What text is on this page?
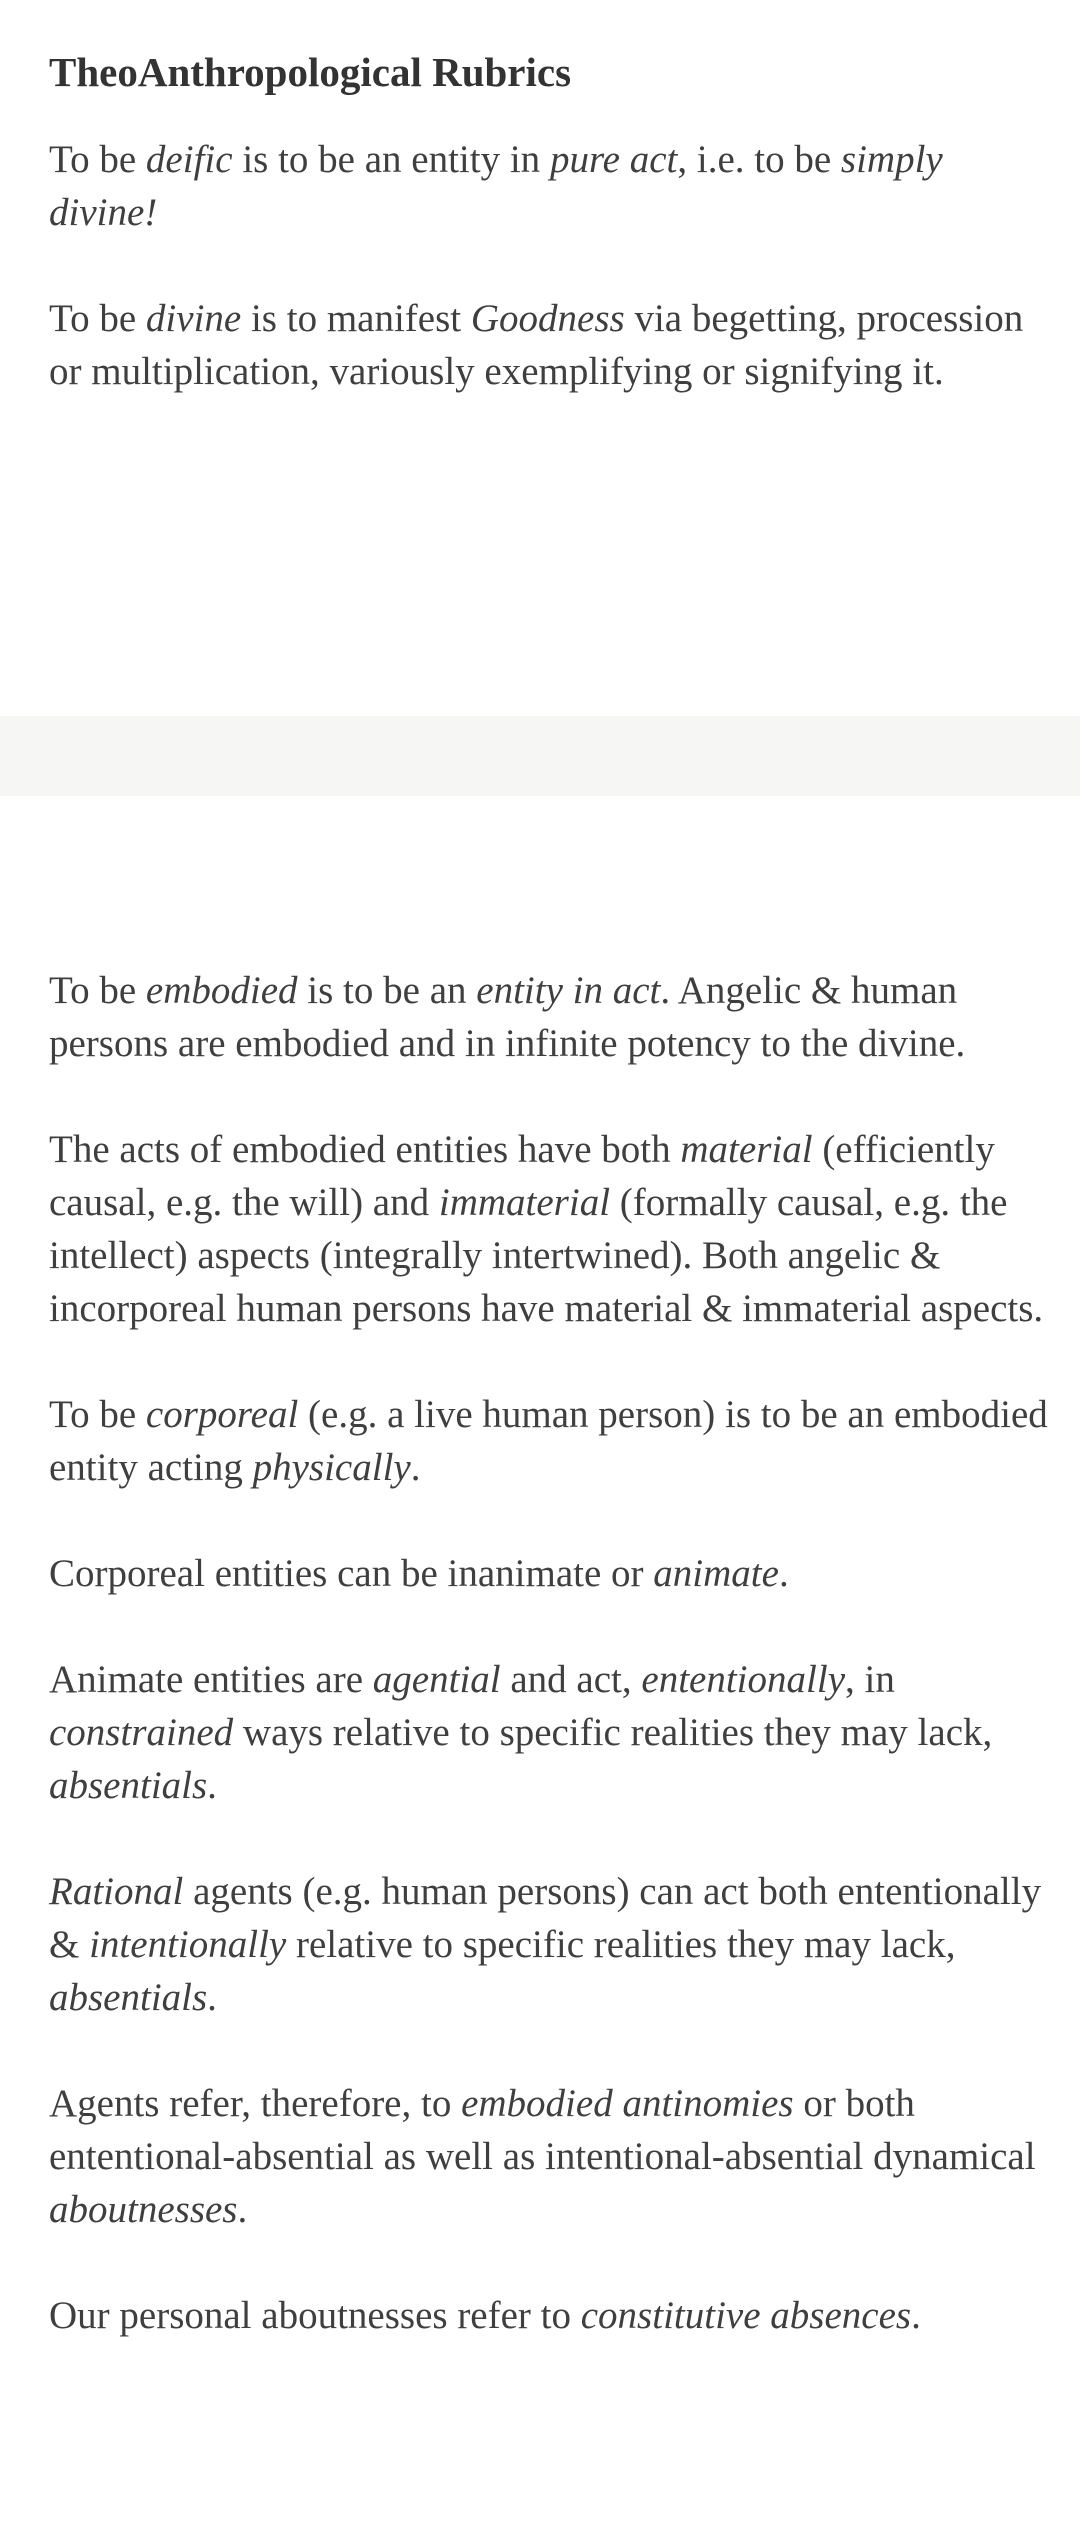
TheoAnthropological Rubrics

To be deific is to be an entity in pure act, i.e. to be simply divine!

To be divine is to manifest Goodness via begetting, procession or multiplication, variously exemplifying or signifying it.

To be embodied is to be an entity in act. Angelic & human persons are embodied and in infinite potency to the divine.

The acts of embodied entities have both material (efficiently causal, e.g. the will) and immaterial (formally causal, e.g. the intellect) aspects (integrally intertwined). Both angelic & incorporeal human persons have material & immaterial aspects.

To be corporeal (e.g. a live human person) is to be an embodied entity acting physically.

Corporeal entities can be inanimate or animate.

Animate entities are agential and act, ententionally, in constrained ways relative to specific realities they may lack, absentials.

Rational agents (e.g. human persons) can act both ententionally & intentionally relative to specific realities they may lack, absentials.

Agents refer, therefore, to embodied antinomies or both ententional-absential as well as intentional-absential dynamical aboutnesses.

Our personal aboutnesses refer to constitutive absences.
